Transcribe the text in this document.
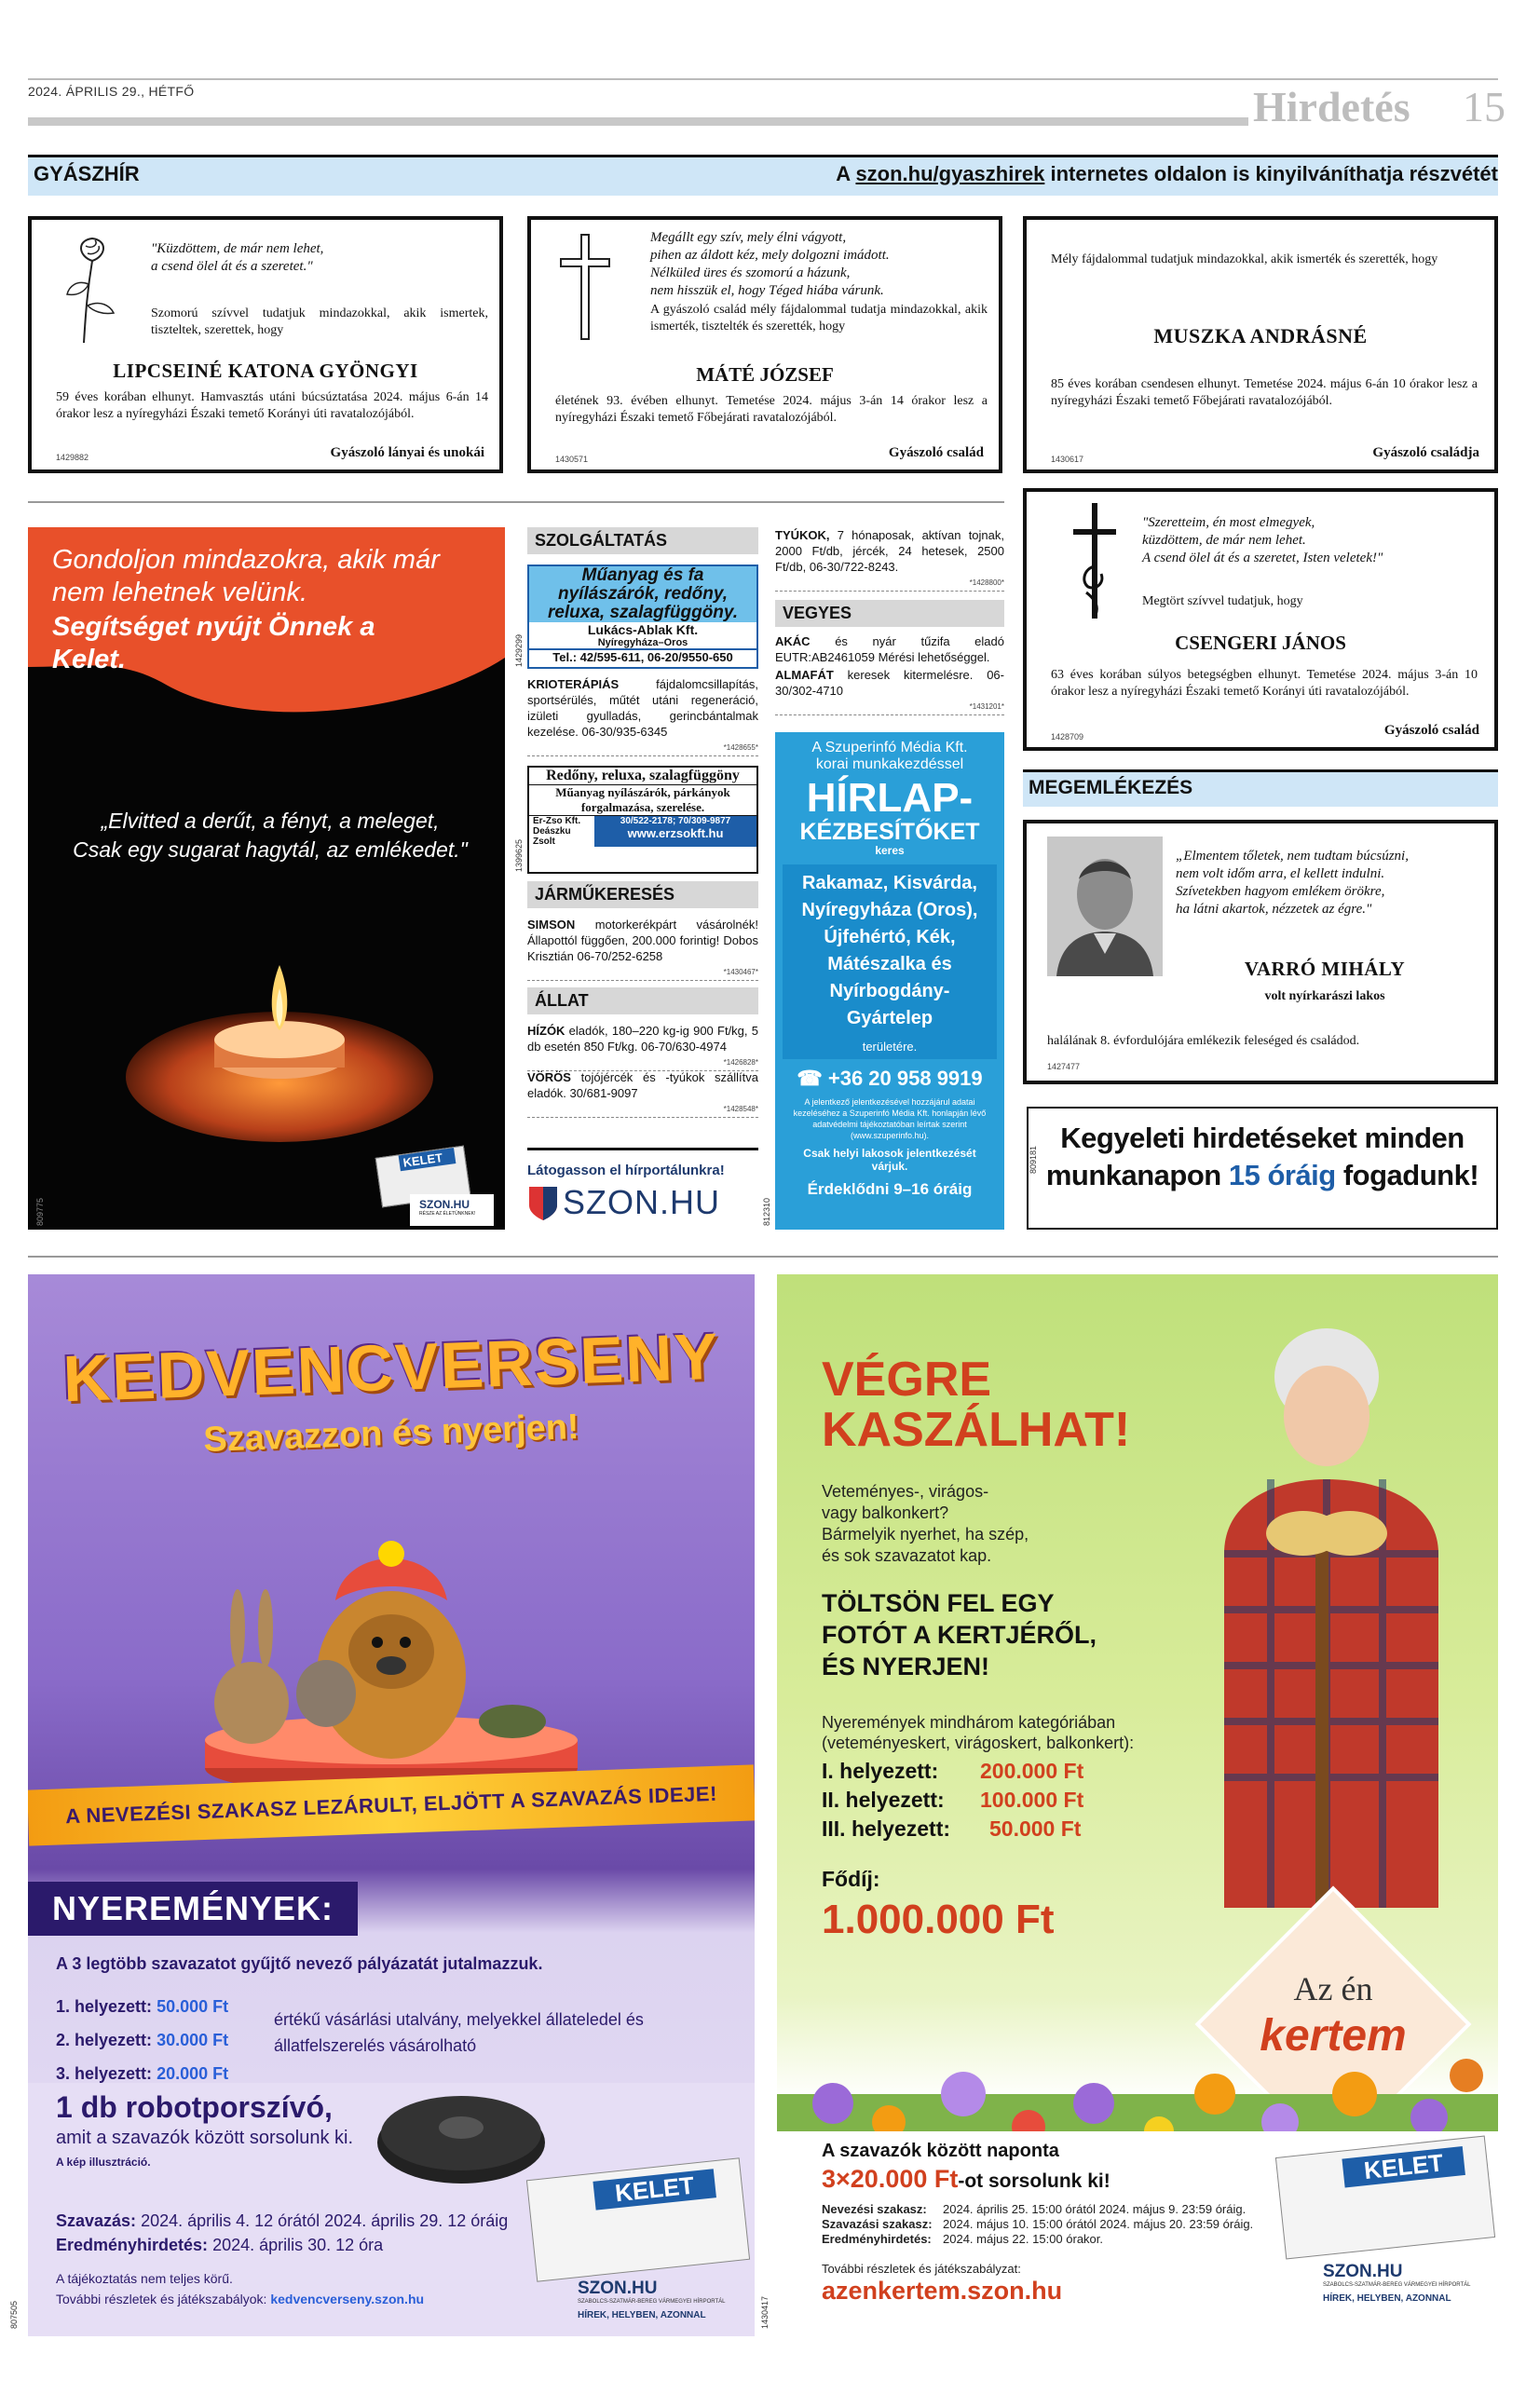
2024. ÁPRILIS 29., HÉTFŐ	Hirdetés 15
GYÁSZHÍR	A szon.hu/gyaszhirek internetes oldalon is kinyilváníthatja részvétét
"Küzdöttem, de már nem lehet,
a csend ölel át és a szeretet."
Szomorú szívvel tudatjuk mindazokkal, akik ismertek, tiszteltek, szerettek, hogy
LIPCSEINÉ KATONA GYÖNGYI
59 éves korában elhunyt. Hamvasztás utáni búcsúztatása 2024. május 6-án 14 órakor lesz a nyíregyházi Északi temető Korányi úti ravatalozójából.
1429882	Gyászoló lányai és unokái
Megállt egy szív, mely élni vágyott,
pihen az áldott kéz, mely dolgozni imádott.
Nélküled üres és szomorú a házunk,
nem hisszük el, hogy Téged hiába várunk.
A gyászoló család mély fájdalommal tudatja mindazokkal, akik ismerték, tisztelték és szerették, hogy
MÁTÉ JÓZSEF
életének 93. évében elhunyt. Temetése 2024. május 3-án 14 órakor lesz a nyíregyházi Északi temető Főbejárati ravatalozójából.
1430571	Gyászoló család
Mély fájdalommal tudatjuk mindazokkal, akik ismerték és szerették, hogy
MUSZKA ANDRÁSNÉ
85 éves korában csendesen elhunyt. Temetése 2024. május 6-án 10 órakor lesz a nyíregyházi Északi temető Főbejárati ravatalozójából.
1430617	Gyászoló családja
Gondoljon mindazokra, akik már nem lehetnek velünk.
Segítséget nyújt Önnek a Kelet.
„Elvitted a derűt, a fényt, a meleget,
Csak egy sugarat hagytál, az emlékedet."
KELET
SZON.HU
RÉSZE AZ ÉLETÜNKNEK!
809775
SZOLGÁLTATÁS
Műanyag és fa
nyílászárók, redőny,
reluxa, szalagfüggöny.
Lukács-Ablak Kft.
Nyíregyháza–Oros
Tel.: 42/595-611, 06-20/9550-650
1429299
KRIOTERÁPIÁS fájdalomcsillapítás, sportsérülés, műtét utáni regeneráció, izületi gyulladás, gerincbántalmak kezelése. 06-30/935-6345
*1428655*
Redőny, reluxa, szalagfüggöny
Műanyag nyílászárók, párkányok
forgalmazása, szerelése.
Er-Zso Kft.
Deászku Zsolt
30/522-2178; 70/309-9877
www.erzsokft.hu
1399625
JÁRMŰKERESÉS
SIMSON motorkerékpárt vásárolnék! Állapottól függően, 200.000 forintig! Dobos Krisztián 06-70/252-6258
*1430467*
ÁLLAT
HÍZÓK eladók, 180–220 kg-ig 900 Ft/kg, 5 db esetén 850 Ft/kg. 06-70/630-4974
*1426828*
VÖRÖS tojójércék és -tyúkok szállítva eladók. 30/681-9097
*1428548*
Látogasson el hírportálunkra!
SZON.HU
TYÚKOK, 7 hónaposak, aktívan tojnak, 2000 Ft/db, jércék, 24 hetesek, 2500 Ft/db, 06-30/722-8243.
*1428800*
VEGYES
AKÁC és nyár tűzifa eladó EUTR:AB2461059 Mérési lehetőséggel.
ALMAFÁT keresek kitermelésre. 06-30/302-4710
*1431201*
A Szuperinfó Média Kft.
korai munkakezdéssel
HÍRLAP-
KÉZBESÍTŐKET
keres
Rakamaz, Kisvárda, Nyíregyháza (Oros), Újfehértó, Kék, Mátészalka és Nyírbogdány-Gyártelep
területére.
☎ +36 20 958 9919
A jelentkező jelentkezésével hozzájárul adatai kezeléséhez a Szuperinfó Média Kft. honlapján lévő adatvédelmi tájékoztatóban leírtak szerint (www.szuperinfo.hu).
Csak helyi lakosok jelentkezését várjuk.
Érdeklődni 9–16 óráig
812310
"Szeretteim, én most elmegyek,
küzdöttem, de már nem lehet.
A csend ölel át és a szeretet, Isten veletek!"
Megtört szívvel tudatjuk, hogy
CSENGERI JÁNOS
63 éves korában súlyos betegségben elhunyt. Temetése 2024. május 3-án 10 órakor lesz a nyíregyházi Északi temető Korányi úti ravatalozójából.
1428709	Gyászoló család
MEGEMLÉKEZÉS
„Elmentem tőletek, nem tudtam búcsúzni,
nem volt időm arra, el kellett indulni.
Szívetekben hagyom emlékem örökre,
ha látni akartok, nézzetek az égre."
VARRÓ MIHÁLY
volt nyírkarászi lakos
halálának 8. évfordulójára emlékezik feleséged és családod.
1427477
Kegyeleti hirdetéseket minden
munkanapon 15 óráig fogadunk!
809181
KEDVENCVERSENY
Szavazzon és nyerjen!
A NEVEZÉSI SZAKASZ LEZÁRULT, ELJÖTT A SZAVAZÁS IDEJE!
NYEREMÉNYEK:
A 3 legtöbb szavazatot gyűjtő nevező pályázatát jutalmazzuk.
1. helyezett: 50.000 Ft
2. helyezett: 30.000 Ft
3. helyezett: 20.000 Ft
értékű vásárlási utalvány, melyekkel állateledel és állatfelszerelés vásárolható
1 db robotporszívó,
amit a szavazók között sorsolunk ki.
A kép illusztráció.
Szavazás: 2024. április 4. 12 órától 2024. április 29. 12 óráig
Eredményhirdetés: 2024. április 30. 12 óra
A tájékoztatás nem teljes körű.
További részletek és játékszabályok: kedvencverseny.szon.hu
KELET
SZON.HU
SZABOLCS-SZATMÁR-BEREG VÁRMEGYEI HÍRPORTÁL
HÍREK, HELYBEN, AZONNAL
807505
VÉGRE
KASZÁLHAT!
Veteményes-, virágos-
vagy balkonkert?
Bármelyik nyerhet, ha szép,
és sok szavazatot kap.
TÖLTSÖN FEL EGY
FOTÓT A KERTJÉRŐL,
ÉS NYERJEN!
Nyeremények mindhárom kategóriában
(veteményeskert, virágoskert, balkonkert):
I. helyezett: 200.000 Ft
II. helyezett: 100.000 Ft
III. helyezett: 50.000 Ft
Fődíj:
1.000.000 Ft
Az én
kertem
A szavazók között naponta
3×20.000 Ft-ot sorsolunk ki!
Nevezési szakasz: 2024. április 25. 15:00 órától 2024. május 9. 23:59 óráig.
Szavazási szakasz: 2024. május 10. 15:00 órától 2024. május 20. 23:59 óráig.
Eredményhirdetés: 2024. május 22. 15:00 órakor.
További részletek és játékszabályzat:
azenkertem.szon.hu
KELET
SZON.HU
SZABOLCS-SZATMÁR-BEREG VÁRMEGYEI HÍRPORTÁL
HÍREK, HELYBEN, AZONNAL
1430417
